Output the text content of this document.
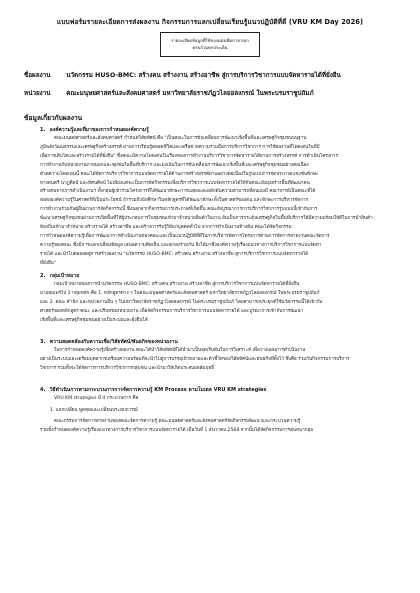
แบบฟอร์มรายละเอียดการส่งผลงาน กิจกรรมการแลกเปลี่ยนเรียนรู้แนวปฏิบัติที่ดี (VRU KM Day 2026)
รายละเอียดข้อมูลที่ใช้ของแต่งเพื่อการกรอก
ครบถ้วนทุกประเด็น
ชื่อผลงาน นวัตกรรม HUSO-BMC: สร้างคน สร้างงาน สร้างอาชีพ สู่การบริการวิชาการแบบจัดหารายได้ที่ยั่งยืน
หน่วยงาน คณะมนุษยศาสตร์และสังคมศาสตร์ มหาวิทยาลัยราชภัฏวไลยอลงกรณ์ ในพระบรมราชูปถัมภ์
ข้อมูลเกี่ยวกับผลงาน
1. องค์ความรู้และที่มาของการกำหนดองค์ความรู้
คณะมนุษยศาสตร์และสังคมศาสตร์ กำหนดวิสัยทัศน์ คือ "เป็นคณะในการขับเคลื่อนการพัฒนาเชิงพื้นที่และเศรษฐกิจชุมชนบนฐาน
ภูมิพลังวัฒนธรรมและเศรษฐกิจสร้างสรรค์ ผ่านการเรียนรู้ตลอดชีวิตและเครือข่ายความร่วมมือการบริการวิชาการ การใช้ผลงานที่โดดเด่นในที่มี
เพื่อการเติบโตและสร้างรายได้ที่ยั่งยืน" ซึ่งคณะมีความโดดเด่นในเรื่องของการทำงานบริการวิชาการจัดหารายได้ผ่านการสร้างสรรค์ การดำเนินโครงการ
การทำงานกับหน่วยงานภายนอกและชุมชนในพื้นที่บริการ และมุ่งเน้นในการขับเคลื่อนการพัฒนาเชิงพื้นที่และเศรษฐกิจชุมชนอย่างต่อเนื่อง
ตัวตความโดดเด่นนี้ คณะได้จัดการบริการวิชาการแบบจัดหารายได้ด้านการสร้างสรรค์ผ่านอย่างต่อเนื่องในรูปแบบการจัดประกวดแข่งขันทักษะ
ทางดนตรี นาฏศิลป์ และทัศนศิลป์ ไม่เพียงแต่จะเป็นการจัดกิจกรรมเพื่อบริการวิชาการแบบจัดหารายได้ให้กับคณะยังมุ่งสร้างพื้นที่พัฒนาคน
สร้างคนจากการดำเนินงานฯ ทั้งกลุ่มผู้เข้าร่วมโครงการที่ได้พัฒนาทักษะการแสดงและผลักดันความสามารถที่ตนเองมี คณาจารย์เป็นคณะที่ได้
ส่งต่อองค์ความรู้ในศาสตร์ที่เป็นประโยชน์ ถ้ารวมถึงนักศึกษาในหลักสูตรที่ได้พัฒนาทักษะทั้งในศาสตร์ของตน และทักษะการบริหารจัดการ
การทำงานร่วมกันผู้อื่นผ่านการจัดกิจกรรมนี้ ซึ่งนอกจากกิจกรรมการประกวดที่เกิดขึ้น คณะยังบูรณาการการบริการวิชาการรูปแบบนี้เข้ากับการ
พัฒนาเศรษฐกิจชุมชนผ่านการเปิดพื้นที่ให้ผู้ประกอบการในชุมชนเข้ามาจำหน่ายสินค้าในงาน อันเป็นการกระตุ้นเศรษฐกิจในพื้นที่บริการให้มีความพร้อมให้ดีในการนำสินค้า
ท้องถิ่นเข้ามาจำหน่าย สร้างรายได้ สร้างอาชีพ และสร้างการรับรู้ให้แก่บุคคลทั่วไป จากการดำเนินงานข้างต้น คณะได้จัดกิจกรรม
การกำหนดองค์ความรู้เพื่อการพัฒนาการดำเนินงานของคณะและเป็นแนวปฏิบัติที่ดีในการบริหารจัดการโครงการด้านการจัดการสายงานคณะจัดการ
ความรู้ของคณะ ซึ่งมีการแลกเปลี่ยนข้อมูล เสนอความคิดเห็น และตกลงร่วมกัน จึงได้มาซึ่งองค์ความรู้เรื่องแนวทางการบริการวิชาการแบบจัดหา
รายได้ และนำไปต่อยอดสู่การสร้างผลงาน "นวัตกรรม HUSO-BMC: สร้างคน สร้างงาน สร้างอาชีพ สู่การบริการวิชาการแบบจัดหารายได้
ที่ยั่งยืน"
2. กลุ่มเป้าหมาย
กลุ่มเป้าหมายของการนำนวัตกรรม HUSO-BMC: สร้างคน สร้างงาน สร้างอาชีพ สู่การบริการวิชาการแบบจัดหารายได้ที่ยั่งยืน
มาเผยแพร่ไป 2 กลุ่มหลัก คือ 1. หลักสูตรต่าง ๆ ในคณะมนุษยศาสตร์และสังคมศาสตร์ มหาวิทยาลัยราชภัฏวไลยอลงกรณ์ ในพระบรมราชูปถัมภ์
และ 2. คณะ สำนัก และหน่วยงานอื่น ๆ ในมหาวิทยาลัยราชภัฏวไลยอลงกรณ์ ในพระบรมราชูปถัมภ์ โดยสามารถประยุกต์ใช้นวัตกรรมนี้ได้เข้ากับ
ศาสตร์ของหลักสูตร คณะ และบริบทของหน่วยงาน เพื่อจัดกิจกรรมการบริการวิชาการแบบจัดหารายได้ และบูรณาการเข้ากับการพัฒนา
เชิงพื้นที่และเศรษฐกิจชุมชนอย่างเป็นระบบและยั่งยืนได้
3. ความสอดคล้องกับความเชื่อ/วิสัยทัศน์/พันธกิจของหน่วยงาน
ในการกำหนดองค์ความรู้เพื่อสร้างผลงาน คณะได้นำวิสัยทัศน์ที่ได้นำมาเป็นจุดเริ่มต้นในการวิเคราะห์ เพื่อวางแผนการดำเนินงาน
อย่างเป็นระบบและเตรียมบุคลากรเตรียมความพร้อมที่จะนำไปสู่การบรรลุเป้าหมายและตัวชี้วัดของวิสัยทัศน์และพันธกิจที่ตั้งไว้ ซึ่งคือ ร่วมกันกิจกรรมการบริการ
วิชาการ รวมทั้งจะได้จัดการการบริการวิชาการกลุ่มชน และนำมาให้เกิดประสบผลสัมฤทธิ์
4. วิธีดำเนินการตามกระบวนการการจัดการความรู้ KM Process ตามโมเดล VRU KM strategies
VRU KM strategies มี 4 กระบวนการ คือ
1. แลกเปลี่ยน พูดคุยและเปลี่ยนประสบการณ์
คณะกรรมการจัดการสายงานของคณะจัดการความรู้ คณะมนุษยศาสตร์และสังคมศาสตร์จัดกิจกรรมพัฒนาและกระบวนความรู้
รวมทั้งกำหนดองค์ความรู้เรื่องแนวทางการบริการวิชาการแบบจัดหารายได้ เมื่อวันที่ 1 ธันวาคม 2568 จากนั้นได้จัดกิจกรรมการสนทนากลุ่ม
